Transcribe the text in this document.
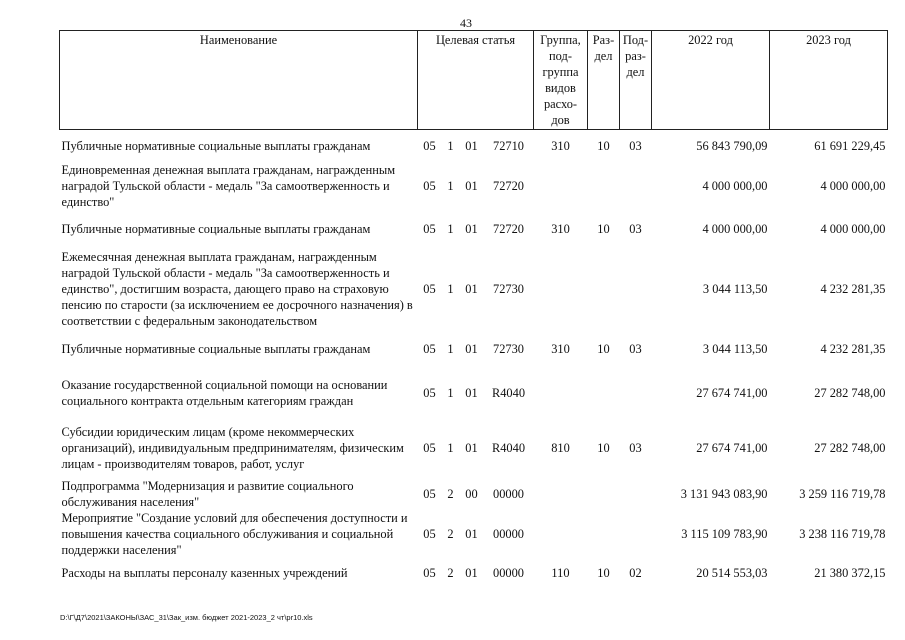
43
Наименование	Целевая статья				Группа, под-группа видов расхо-дов	Раз-дел	Под-раз-дел	2022 год	2023 год
Публичные нормативные социальные выплаты гражданам	05	1	01	72710	310	10	03	56 843 790,09	61 691 229,45
Единовременная денежная выплата гражданам, награжденным наградой Тульской области - медаль "За самоотверженность и единство"	05	1	01	72720				4 000 000,00	4 000 000,00
Публичные нормативные социальные выплаты гражданам	05	1	01	72720	310	10	03	4 000 000,00	4 000 000,00
Ежемесячная денежная выплата гражданам, награжденным наградой Тульской области - медаль "За самоотверженность и единство", достигшим возраста, дающего право на страховую пенсию по старости (за исключением ее досрочного назначения) в соответствии с федеральным законодательством	05	1	01	72730				3 044 113,50	4 232 281,35
Публичные нормативные социальные выплаты гражданам	05	1	01	72730	310	10	03	3 044 113,50	4 232 281,35
Оказание государственной социальной помощи на основании социального контракта отдельным категориям граждан	05	1	01	R4040				27 674 741,00	27 282 748,00
Субсидии юридическим лицам (кроме некоммерческих организаций), индивидуальным предпринимателям, физическим лицам - производителям товаров, работ, услуг	05	1	01	R4040	810	10	03	27 674 741,00	27 282 748,00
Подпрограмма "Модернизация и развитие социального обслуживания населения"	05	2	00	00000				3 131 943 083,90	3 259 116 719,78
Мероприятие "Создание условий для обеспечения доступности и повышения качества социального обслуживания и социальной поддержки населения"	05	2	01	00000				3 115 109 783,90	3 238 116 719,78
Расходы на выплаты персоналу казенных учреждений	05	2	01	00000	110	10	02	20 514 553,03	21 380 372,15
D:\Г\Д7\2021\ЗАКОНЫ\ЗАС_31\Зак_изм. бюджет 2021-2023_2 чт\pr10.xls
